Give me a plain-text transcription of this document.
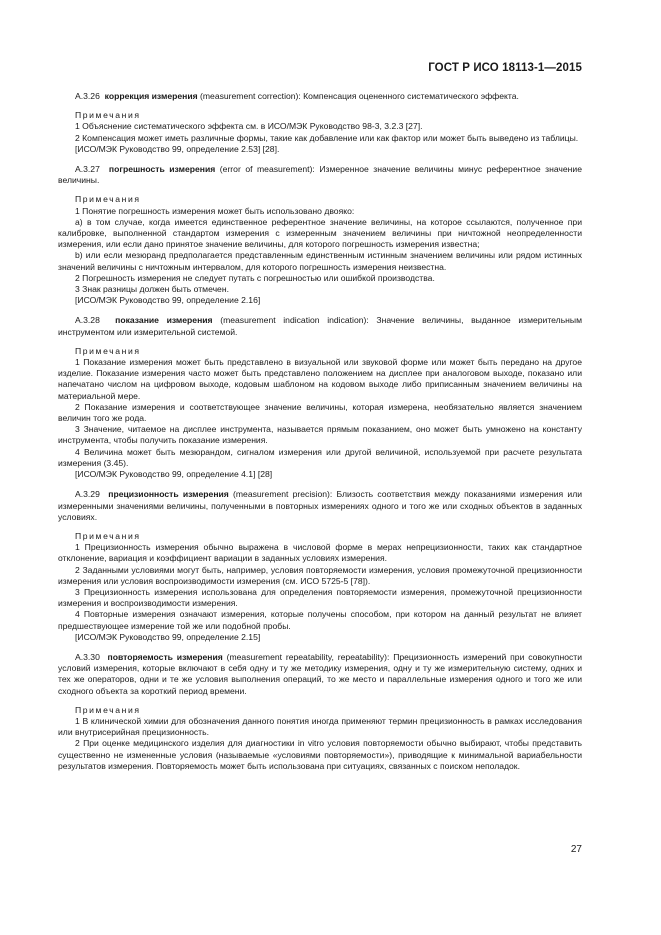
ГОСТ Р ИСО 18113-1—2015

А.3.26 коррекция измерения (measurement correction): Компенсация оцененного систематического эффекта.

Примечания

1 Объяснение систематического эффекта см. в ИСО/МЭК Руководство 98-3, 3.2.3 [27].

2 Компенсация может иметь различные формы, такие как добавление или как фактор или может быть выведено из таблицы.

[ИСО/МЭК Руководство 99, определение 2.53] [28].

А.3.27 погрешность измерения (error of measurement): Измеренное значение величины минус референтное значение величины.

Примечания

1 Понятие погрешность измерения может быть использовано двояко:

а) в том случае, когда имеется единственное референтное значение величины, на которое ссылаются, полученное при калибровке, выполненной стандартом измерения с измеренным значением величины при ничтожной неопределенности измерения, или если дано принятое значение величины, для которого погрешность измерения известна;

b) или если мезюранд предполагается представленным единственным истинным значением величины или рядом истинных значений величины с ничтожным интервалом, для которого погрешность измерения неизвестна.

2 Погрешность измерения не следует путать с погрешностью или ошибкой производства.

3 Знак разницы должен быть отмечен.

[ИСО/МЭК Руководство 99, определение 2.16]

А.3.28 показание измерения (measurement indication indication): Значение величины, выданное измерительным инструментом или измерительной системой.

Примечания

1 Показание измерения может быть представлено в визуальной или звуковой форме или может быть передано на другое изделие. Показание измерения часто может быть представлено положением на дисплее при аналоговом выходе, показано или напечатано числом на цифровом выходе, кодовым шаблоном на кодовом выходе либо приписанным значением величины на материальной мере.

2 Показание измерения и соответствующее значение величины, которая измерена, необязательно является значением величин того же рода.

3 Значение, читаемое на дисплее инструмента, называется прямым показанием, оно может быть умножено на константу инструмента, чтобы получить показание измерения.

4 Величина может быть мезюрандом, сигналом измерения или другой величиной, используемой при расчете результата измерения (3.45).

[ИСО/МЭК Руководство 99, определение 4.1] [28]

А.3.29 прецизионность измерения (measurement precision): Близость соответствия между показаниями измерения или измеренными значениями величины, полученными в повторных измерениях одного и того же или сходных объектов в заданных условиях.

Примечания

1 Прецизионность измерения обычно выражена в числовой форме в мерах непрецизионности, таких как стандартное отклонение, вариация и коэффициент вариации в заданных условиях измерения.

2 Заданными условиями могут быть, например, условия повторяемости измерения, условия промежуточной прецизионности измерения или условия воспроизводимости измерения (см. ИСО 5725-5 [78]).

3 Прецизионность измерения использована для определения повторяемости измерения, промежуточной прецизионности измерения и воспроизводимости измерения.

4 Повторные измерения означают измерения, которые получены способом, при котором на данный результат не влияет предшествующее измерение той же или подобной пробы.

[ИСО/МЭК Руководство 99, определение 2.15]

А.3.30 повторяемость измерения (measurement repeatability, repeatability): Прецизионность измерений при совокупности условий измерения, которые включают в себя одну и ту же методику измерения, одну и ту же измерительную систему, одних и тех же операторов, одни и те же условия выполнения операций, то же место и параллельные измерения одного и того же или сходного объекта за короткий период времени.

Примечания

1 В клинической химии для обозначения данного понятия иногда применяют термин прецизионность в рамках исследования или внутрисерийная прецизионность.

2 При оценке медицинского изделия для диагностики in vitro условия повторяемости обычно выбирают, чтобы представить существенно не измененные условия (называемые «условиями повторяемости»), приводящие к минимальной вариабельности результатов измерения. Повторяемость может быть использована при ситуациях, связанных с поиском неполадок.

27
